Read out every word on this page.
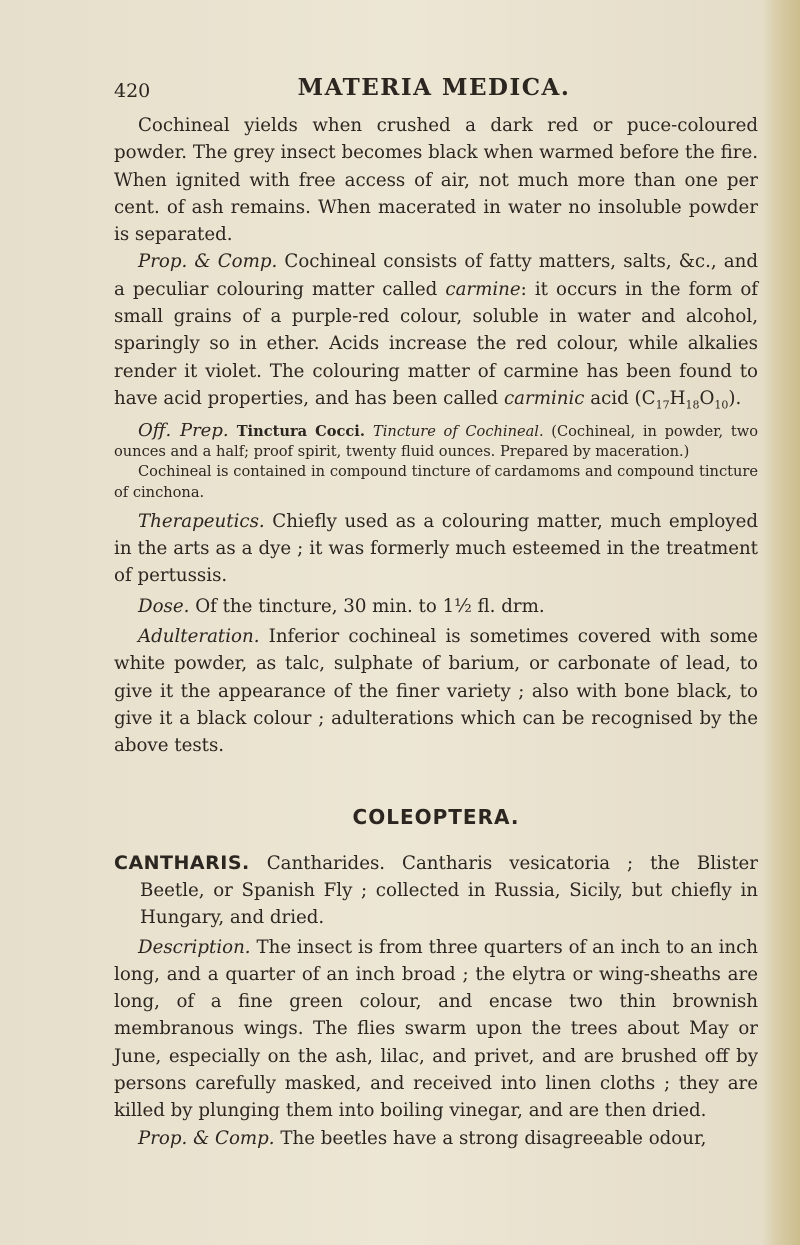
420	MATERIA MEDICA.

Cochineal yields when crushed a dark red or puce-coloured powder. The grey insect becomes black when warmed before the fire. When ignited with free access of air, not much more than one per cent. of ash remains. When macerated in water no insoluble powder is separated.

Prop. & Comp. Cochineal consists of fatty matters, salts, &c., and a peculiar colouring matter called carmine: it occurs in the form of small grains of a purple-red colour, soluble in water and alcohol, sparingly so in ether. Acids increase the red colour, while alkalies render it violet. The colouring matter of carmine has been found to have acid properties, and has been called carminic acid $(C_{17}H_{18}O_{10})$.

Off. Prep. Tinctura Cocci. Tincture of Cochineal. (Cochineal, in powder, two ounces and a half; proof spirit, twenty fluid ounces. Prepared by maceration.)

Cochineal is contained in compound tincture of cardamoms and compound tincture of cinchona.

Therapeutics. Chiefly used as a colouring matter, much employed in the arts as a dye ; it was formerly much esteemed in the treatment of pertussis.

Dose. Of the tincture, 30 min. to 1½ fl. drm.

Adulteration. Inferior cochineal is sometimes covered with some white powder, as talc, sulphate of barium, or carbonate of lead, to give it the appearance of the finer variety ; also with bone black, to give it a black colour ; adulterations which can be recognised by the above tests.

COLEOPTERA.

CANTHARIS. Cantharides. Cantharis vesicatoria ; the Blister Beetle, or Spanish Fly ; collected in Russia, Sicily, but chiefly in Hungary, and dried.

Description. The insect is from three quarters of an inch to an inch long, and a quarter of an inch broad ; the elytra or wing-sheaths are long, of a fine green colour, and encase two thin brownish membranous wings. The flies swarm upon the trees about May or June, especially on the ash, lilac, and privet, and are brushed off by persons carefully masked, and received into linen cloths ; they are killed by plunging them into boiling vinegar, and are then dried.

Prop. & Comp. The beetles have a strong disagreeable odour,
